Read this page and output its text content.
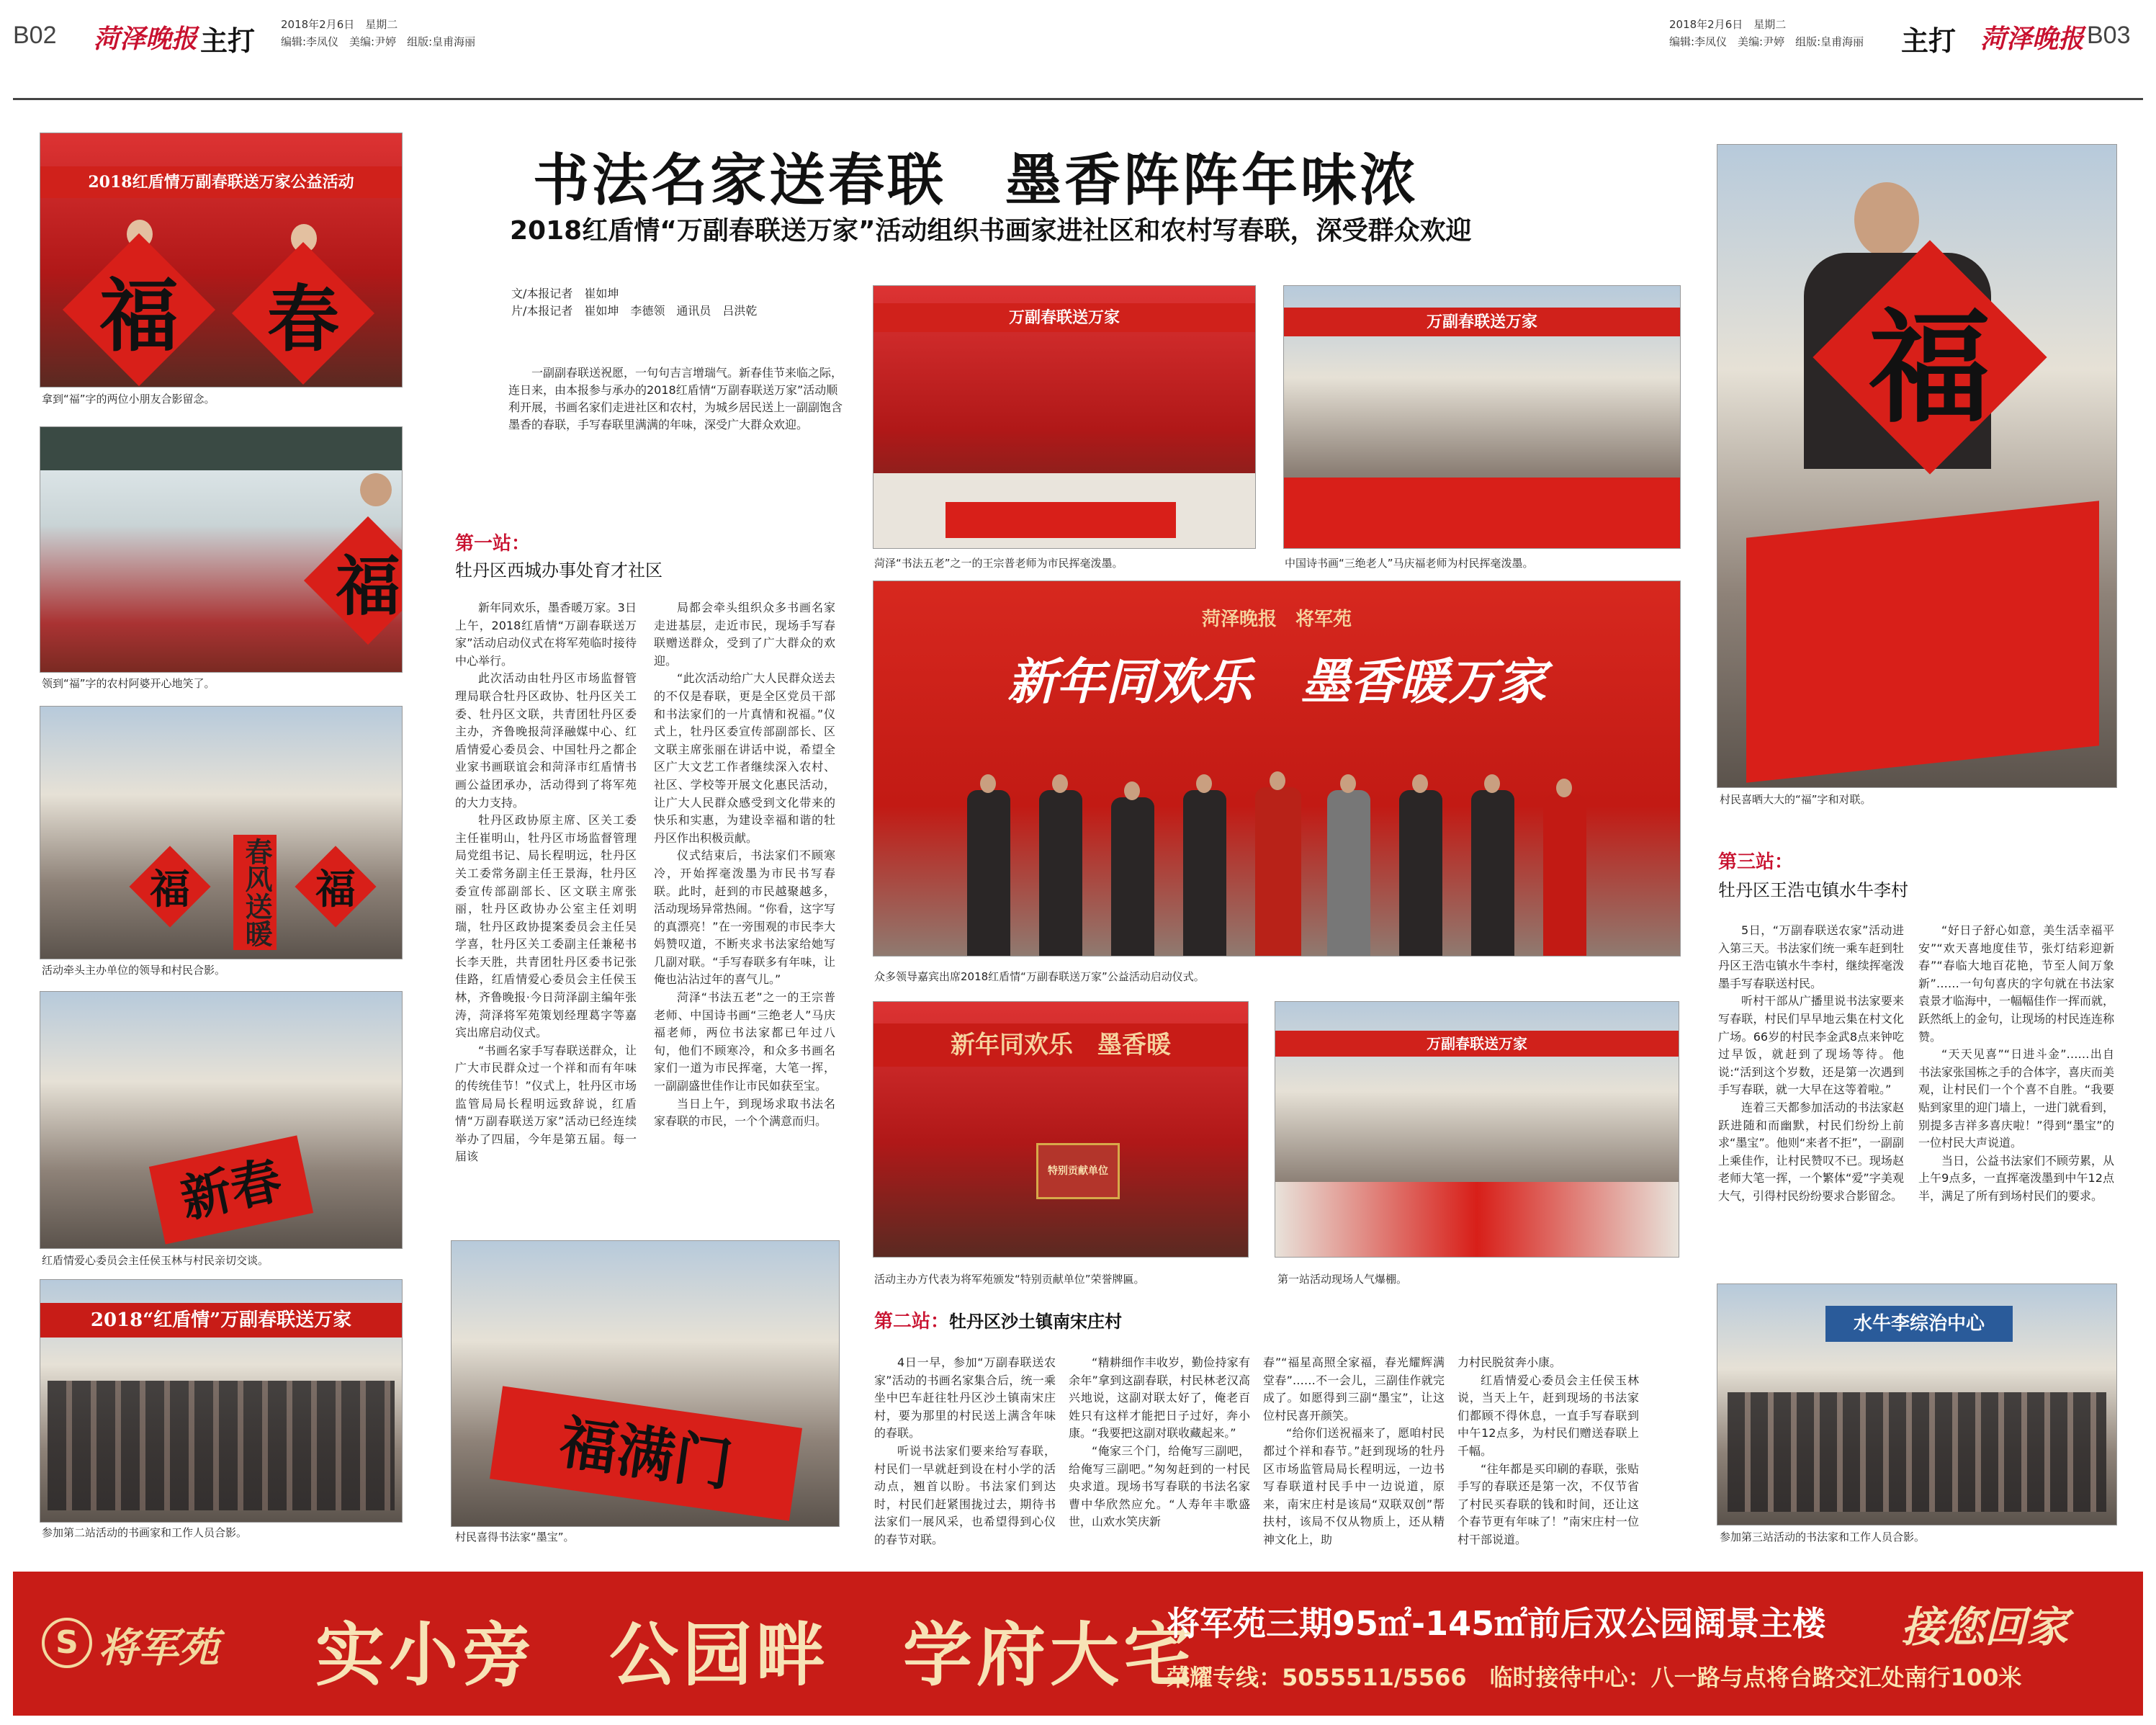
B02 菏泽晚报 主打
2018年2月6日　星期二
编辑:李凤仪　美编:尹婷　组版:皇甫海丽
2018年2月6日　星期二
编辑:李凤仪　美编:尹婷　组版:皇甫海丽 主打 菏泽晚报 B03
2018红盾情万副春联送万家公益活动
福 春
拿到“福”字的两位小朋友合影留念。
福
领到“福”字的农村阿婆开心地笑了。
福 春风送暖 福
活动牵头主办单位的领导和村民合影。
新春
红盾情爱心委员会主任侯玉林与村民亲切交谈。
2018“红盾情”万副春联送万家
参加第二站活动的书画家和工作人员合影。
书法名家送春联　墨香阵阵年味浓
2018红盾情“万副春联送万家”活动组织书画家进社区和农村写春联，深受群众欢迎
文/本报记者　崔如坤
片/本报记者　崔如坤　李德领　通讯员　吕洪乾
一副副春联送祝愿，一句句吉言增瑞气。新春佳节来临之际，连日来，由本报参与承办的2018红盾情“万副春联送万家”活动顺利开展，书画名家们走进社区和农村，为城乡居民送上一副副饱含墨香的春联，手写春联里满满的年味，深受广大群众欢迎。
第一站：
牡丹区西城办事处育才社区

新年同欢乐，墨香暖万家。3日上午，2018红盾情“万副春联送万家”活动启动仪式在将军苑临时接待中心举行。

此次活动由牡丹区市场监督管理局联合牡丹区政协、牡丹区关工委、牡丹区文联，共青团牡丹区委主办，齐鲁晚报菏泽融媒中心、红盾情爱心委员会、中国牡丹之都企业家书画联谊会和菏泽市红盾情书画公益团承办，活动得到了将军苑的大力支持。

牡丹区政协原主席、区关工委主任崔明山，牡丹区市场监督管理局党组书记、局长程明远，牡丹区关工委常务副主任王景海，牡丹区委宣传部副部长、区文联主席张丽，牡丹区政协办公室主任刘明瑞，牡丹区政协提案委员会主任吴学喜，牡丹区关工委副主任兼秘书长李天胜，共青团牡丹区委书记张佳路，红盾情爱心委员会主任侯玉林，齐鲁晚报·今日菏泽副主编年张涛，菏泽将军苑策划经理葛字等嘉宾出席启动仪式。

“书画名家手写春联送群众，让广大市民群众过一个祥和而有年味的传统佳节！”仪式上，牡丹区市场监管局局长程明远致辞说，红盾情“万副春联送万家”活动已经连续举办了四届，今年是第五届。每一届该

局都会牵头组织众多书画名家走进基层，走近市民，现场手写春联赠送群众，受到了广大群众的欢迎。

“此次活动给广大人民群众送去的不仅是春联，更是全区党员干部和书法家们的一片真情和祝福。”仪式上，牡丹区委宣传部副部长、区文联主席张丽在讲话中说，希望全区广大文艺工作者继续深入农村、社区、学校等开展文化惠民活动，让广大人民群众感受到文化带来的快乐和实惠，为建设幸福和谐的牡丹区作出积极贡献。

仪式结束后，书法家们不顾寒冷，开始挥毫泼墨为市民书写春联。此时，赶到的市民越聚越多，活动现场异常热闹。“你看，这字写的真漂亮！”在一旁围观的市民李大妈赞叹道，不断夹求书法家给她写几副对联。“手写春联多有年味，让俺也沾沾过年的喜气儿。”

菏泽“书法五老”之一的王宗普老师、中国诗书画“三绝老人”马庆福老师，两位书法家都已年过八旬，他们不顾寒冷，和众多书画名家们一道为市民挥毫，大笔一挥，一副副盛世佳作让市民如获至宝。

当日上午，到现场求取书法名家春联的市民，一个个满意而归。

福满门
村民喜得书法家“墨宝”。
万副春联送万家
菏泽“书法五老”之一的王宗普老师为市民挥毫泼墨。
万副春联送万家
中国诗书画“三绝老人”马庆福老师为村民挥毫泼墨。
菏泽晚报　将军苑
新年同欢乐　墨香暖万家
众多领导嘉宾出席2018红盾情“万副春联送万家”公益活动启动仪式。
新年同欢乐　墨香暖
特别贡献单位
活动主办方代表为将军苑颁发“特别贡献单位”荣誉牌匾。
万副春联送万家
第一站活动现场人气爆棚。
第二站：牡丹区沙土镇南宋庄村

4日一早，参加“万副春联送农家”活动的书画名家集合后，统一乘坐中巴车赶往牡丹区沙土镇南宋庄村，要为那里的村民送上满含年味的春联。

听说书法家们要来给写春联，村民们一早就赶到设在村小学的活动点，翘首以盼。书法家们到达时，村民们赶紧围拢过去，期待书法家们一展风采，也希望得到心仪的春节对联。

“精耕细作丰收岁，勤俭持家有余年”拿到这副春联，村民林老汉高兴地说，这副对联太好了，俺老百姓只有这样才能把日子过好，奔小康。“我要把这副对联收藏起来。”

“俺家三个门，给俺写三副吧，给俺写三副吧。”匆匆赶到的一村民央求道。现场书写春联的书法名家曹中华欣然应允。“人寿年丰歌盛世，山欢水笑庆新

春”“福星高照全家福，春光耀辉满堂春”……不一会儿，三副佳作就完成了。如愿得到三副“墨宝”，让这位村民喜开颜笑。

“给你们送祝福来了，愿咱村民都过个祥和春节。”赶到现场的牡丹区市场监管局局长程明远，一边书写春联道村民手中一边说道，原来，南宋庄村是该局“双联双创”帮扶村，该局不仅从物质上，还从精神文化上，助

力村民脱贫奔小康。

红盾情爱心委员会主任侯玉林说，当天上午，赶到现场的书法家们都顾不得休息，一直手写春联到中午12点多，为村民们赠送春联上千幅。

“往年都是买印刷的春联，张贴手写的春联还是第一次，不仅节省了村民买春联的钱和时间，还让这个春节更有年味了！”南宋庄村一位村干部说道。

福
村民喜晒大大的“福”字和对联。
第三站：
牡丹区王浩屯镇水牛李村

5日，“万副春联送农家”活动进入第三天。书法家们统一乘车赶到牡丹区王浩屯镇水牛李村，继续挥毫泼墨手写春联送村民。

听村干部从广播里说书法家要来写春联，村民们早早地云集在村文化广场。66岁的村民李金武8点来钟吃过早饭，就赶到了现场等待。他说:“活到这个岁数，还是第一次遇到手写春联，就一大早在这等着啦。”

连着三天都参加活动的书法家赵跃进随和而幽默，村民们纷纷上前求“墨宝”。他则“来者不拒”，一副副上乘佳作，让村民赞叹不已。现场赵老师大笔一挥，一个繁体“爱”字美观大气，引得村民纷纷要求合影留念。

“好日子舒心如意，美生活幸福平安”“欢天喜地度佳节，张灯结彩迎新春”“春临大地百花艳，节至人间万象新”……一句句喜庆的字句就在书法家袁景才临海中，一幅幅佳作一挥而就，跃然纸上的金句，让现场的村民连连称赞。

“天天见喜”“日进斗金”……出自书法家张国栋之手的合体字，喜庆而美观，让村民们一个个喜不自胜。“我要贴到家里的迎门墙上，一进门就看到，别提多吉祥多喜庆啦！”得到“墨宝”的一位村民大声说道。

当日，公益书法家们不顾劳累，从上午9点多，一直挥毫泼墨到中午12点半，满足了所有到场村民们的要求。

水牛李综治中心
参加第三站活动的书法家和工作人员合影。
S 将军苑 实小旁　公园畔　学府大宅
将军苑三期95㎡-145㎡前后双公园阔景主楼 接您回家
荣耀专线：5055511/5566　临时接待中心：八一路与点将台路交汇处南行100米
